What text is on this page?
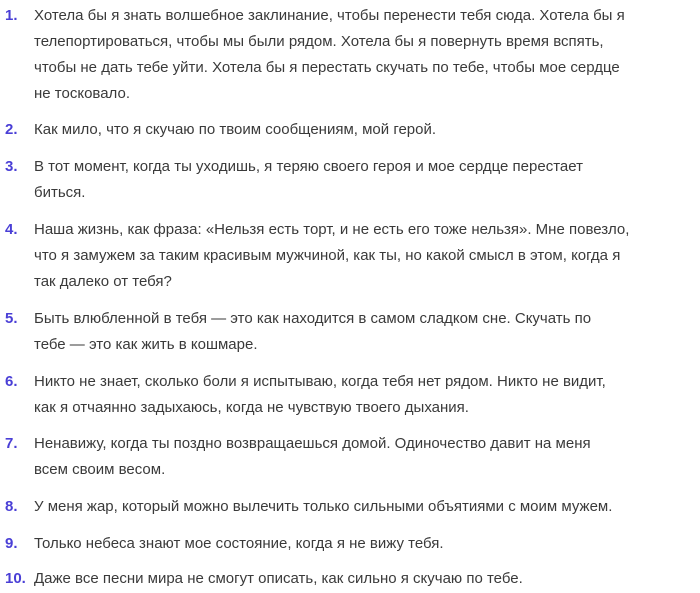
1. Хотела бы я знать волшебное заклинание, чтобы перенести тебя сюда. Хотела бы я
телепортироваться, чтобы мы были рядом. Хотела бы я повернуть время вспять,
чтобы не дать тебе уйти. Хотела бы я перестать скучать по тебе, чтобы мое сердце
не тосковало.
2. Как мило, что я скучаю по твоим сообщениям, мой герой.
3. В тот момент, когда ты уходишь, я теряю своего героя и мое сердце перестает
биться.
4. Наша жизнь, как фраза: «Нельзя есть торт, и не есть его тоже нельзя». Мне повезло,
что я замужем за таким красивым мужчиной, как ты, но какой смысл в этом, когда я
так далеко от тебя?
5. Быть влюбленной в тебя — это как находится в самом сладком сне. Скучать по
тебе — это как жить в кошмаре.
6. Никто не знает, сколько боли я испытываю, когда тебя нет рядом. Никто не видит,
как я отчаянно задыхаюсь, когда не чувствую твоего дыхания.
7. Ненавижу, когда ты поздно возвращаешься домой. Одиночество давит на меня
всем своим весом.
8. У меня жар, который можно вылечить только сильными объятиями с моим мужем.
9. Только небеса знают мое состояние, когда я не вижу тебя.
10. Даже все песни мира не смогут описать, как сильно я скучаю по тебе.
